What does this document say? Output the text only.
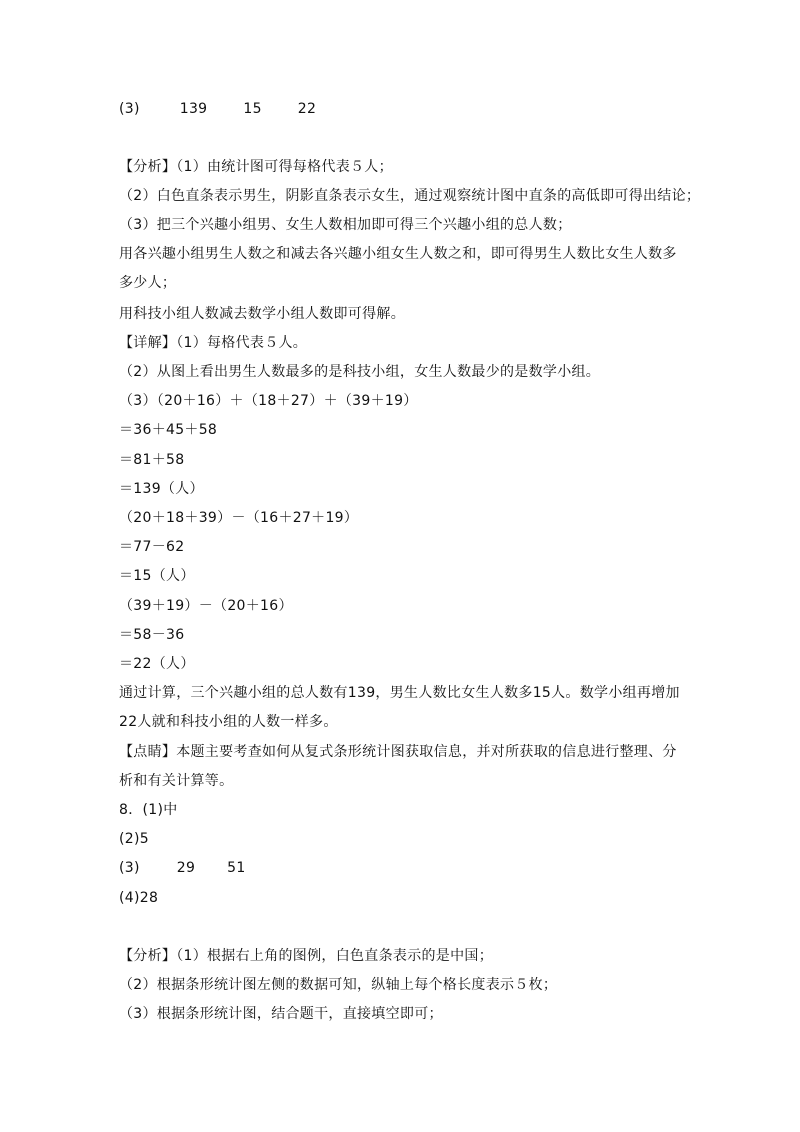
(3)	139	15	22
【分析】（1）由统计图可得每格代表５人；
（2）白色直条表示男生，阴影直条表示女生，通过观察统计图中直条的高低即可得出结论；
（3）把三个兴趣小组男、女生人数相加即可得三个兴趣小组的总人数；
用各兴趣小组男生人数之和减去各兴趣小组女生人数之和，即可得男生人数比女生人数多
多少人；
用科技小组人数减去数学小组人数即可得解。
【详解】（1）每格代表５人。
（2）从图上看出男生人数最多的是科技小组，女生人数最少的是数学小组。
（3）（20＋16）＋（18＋27）＋（39＋19）
＝36＋45＋58
＝81＋58
＝139（人）
（20＋18＋39）－（16＋27＋19）
＝77－62
＝15（人）
（39＋19）－（20＋16）
＝58－36
＝22（人）
通过计算，三个兴趣小组的总人数有139，男生人数比女生人数多15人。数学小组再增加
22人就和科技小组的人数一样多。
【点睛】本题主要考查如何从复式条形统计图获取信息，并对所获取的信息进行整理、分
析和有关计算等。
8．(1)中
(2)5
(3)	29 51
(4)28
【分析】（1）根据右上角的图例，白色直条表示的是中国；
（2）根据条形统计图左侧的数据可知，纵轴上每个格长度表示５枚；
（3）根据条形统计图，结合题干，直接填空即可；
